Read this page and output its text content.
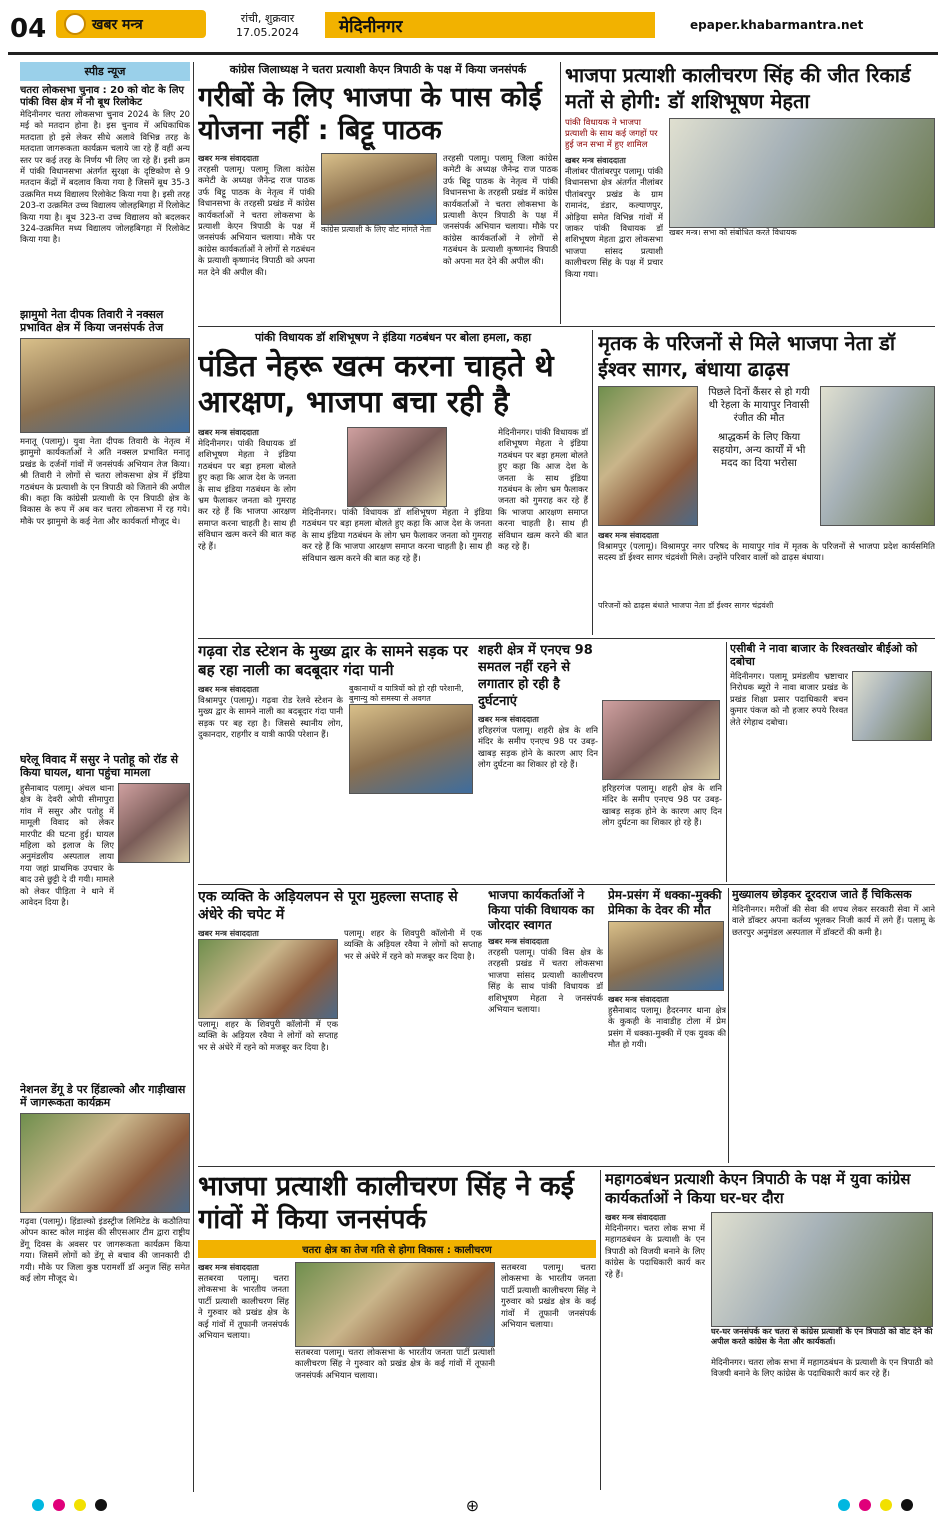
04	खबर मन्त्र	रांची, शुक्रवार
17.05.2024	मेदिनीनगर	epaper.khabarmantra.net
स्पीड न्यूज

चतरा लोकसभा चुनाव : 20 को वोट के लिए पांकी विस क्षेत्र में नौ बूथ रिलोकेट

मेदिनीनगर चतरा लोकसभा चुनाव 2024 के लिए 20 मई को मतदान होना है। इस चुनाव में अधिकाधिक मतदाता हो इसे लेकर सीधे अलावे विभिन्न तरह के मतदाता जागरूकता कार्यक्रम चलाये जा रहे हैं वहीं अन्य स्तर पर कई तरह के निर्णय भी लिए जा रहे हैं। इसी क्रम में पांकी विधानसभा अंतर्गत सुरक्षा के दृष्टिकोण से 9 मतदान केंद्रों में बदलाव किया गया है जिसमें बूथ 35-3 उत्क्रमित मध्य विद्यालय रिलोकेट किया गया है। इसी तरह 203-रा उत्क्रमित उच्च विद्यालय जोलहबिगहा में रिलोकेट किया गया है। बूथ 323-रा उच्च विद्यालय को बदलकर 324-उत्क्रमित मध्य विद्यालय जोलहबिगहा में रिलोकेट किया गया है।

झामुमो नेता दीपक तिवारी ने नक्सल प्रभावित क्षेत्र में किया जनसंपर्क तेज

मनातू (पलामू)। युवा नेता दीपक तिवारी के नेतृत्व में झामुमो कार्यकर्ताओं ने अति नक्सल प्रभावित मनातू प्रखंड के दर्जनों गांवों में जनसंपर्क अभियान तेज किया। श्री तिवारी ने लोगों से चतरा लोकसभा क्षेत्र में इंडिया गठबंधन के प्रत्याशी के एन त्रिपाठी को जिताने की अपील की। कहा कि कांग्रेसी प्रत्याशी के एन त्रिपाठी क्षेत्र के विकास के रूप में अब कर चतरा लोकसभा में रह गये। मौके पर झामुमो के कई नेता और कार्यकर्ता मौजूद थे।

घरेलू विवाद में ससुर ने पतोहू को रॉड से किया घायल, थाना पहुंचा मामला

हुसैनाबाद पलामू। अंचल थाना क्षेत्र के देवरी ओपी सीमापुरा गांव में ससुर और पतोहू में मामूली विवाद को लेकर मारपीट की घटना हुई। घायल महिला को इलाज के लिए अनुमंडलीय अस्पताल लाया गया जहां प्राथमिक उपचार के बाद उसे छुट्टी दे दी गयी। मामले को लेकर पीड़िता ने थाने में आवेदन दिया है।

नेशनल डेंगू डे पर हिंडाल्को और गाड़ीखास में जागरूकता कार्यक्रम

गढ़वा (पलामू)। हिंडाल्को इंडस्ट्रीज लिमिटेड के कठौतिया ओपन कास्ट कोल माइंस की सीएसआर टीम द्वारा राष्ट्रीय डेंगू दिवस के अवसर पर जागरूकता कार्यक्रम किया गया। जिसमें लोगों को डेंगू से बचाव की जानकारी दी गयी। मौके पर जिला कुष्ठ परामर्शी डॉ अनुज सिंह समेत कई लोग मौजूद थे।

कांग्रेस जिलाध्यक्ष ने चतरा प्रत्याशी केएन त्रिपाठी के पक्ष में किया जनसंपर्क

गरीबों के लिए भाजपा के पास कोई योजना नहीं : बिट्टू पाठक

खबर मन्त्र संवाददाता

तरहसी पलामू। पलामू जिला कांग्रेस कमेटी के अध्यक्ष जैनेन्द्र राज पाठक उर्फ बिट्टू पाठक के नेतृत्व में पांकी विधानसभा के तरहसी प्रखंड में कांग्रेस कार्यकर्ताओं ने चतरा लोकसभा के प्रत्याशी केएन त्रिपाठी के पक्ष में जनसंपर्क अभियान चलाया। मौके पर कांग्रेस कार्यकर्ताओं ने लोगों से गठबंधन के प्रत्याशी कृष्णानंद त्रिपाठी को अपना मत देने की अपील की।

कांग्रेस प्रत्याशी के लिए वोट मांगते नेता

तरहसी पलामू। पलामू जिला कांग्रेस कमेटी के अध्यक्ष जैनेन्द्र राज पाठक उर्फ बिट्टू पाठक के नेतृत्व में पांकी विधानसभा के तरहसी प्रखंड में कांग्रेस कार्यकर्ताओं ने चतरा लोकसभा के प्रत्याशी केएन त्रिपाठी के पक्ष में जनसंपर्क अभियान चलाया। मौके पर कांग्रेस कार्यकर्ताओं ने लोगों से गठबंधन के प्रत्याशी कृष्णानंद त्रिपाठी को अपना मत देने की अपील की।

भाजपा प्रत्याशी कालीचरण सिंह की जीत रिकार्ड मतों से होगी: डॉ शशिभूषण मेहता

पांकी विधायक ने भाजपा प्रत्याशी के साथ कई जगहों पर हुई जन सभा में हुए शामिल
खबर मन्त्र संवाददाता

नीलांबर पीतांबरपुर पलामू। पांकी विधानसभा क्षेत्र अंतर्गत नीलांबर पीतांबरपुर प्रखंड के ग्राम रामानंद, डंडार, कल्याणपुर, ओड़िया समेत विभिन्न गांवों में जाकर पांकी विधायक डॉ शशिभूषण मेहता द्वारा लोकसभा भाजपा सांसद प्रत्याशी कालीचरण सिंह के पक्ष में प्रचार किया गया।

खबर मन्त्र। सभा को संबोधित करते विधायक
पांकी विधायक डॉ शशिभूषण ने इंडिया गठबंधन पर बोला हमला, कहा

पंडित नेहरू खत्म करना चाहते थे आरक्षण, भाजपा बचा रही है

खबर मन्त्र संवाददाता

मेदिनीनगर। पांकी विधायक डॉ शशिभूषण मेहता ने इंडिया गठबंधन पर बड़ा हमला बोलते हुए कहा कि आज देश के जनता के साथ इंडिया गठबंधन के लोग भ्रम फैलाकर जनता को गुमराह कर रहे हैं कि भाजपा आरक्षण समाप्त करना चाहती है। साथ ही संविधान खत्म करने की बात कह रहे हैं।

मेदिनीनगर। पांकी विधायक डॉ शशिभूषण मेहता ने इंडिया गठबंधन पर बड़ा हमला बोलते हुए कहा कि आज देश के जनता के साथ इंडिया गठबंधन के लोग भ्रम फैलाकर जनता को गुमराह कर रहे हैं कि भाजपा आरक्षण समाप्त करना चाहती है। साथ ही संविधान खत्म करने की बात कह रहे हैं।

मेदिनीनगर। पांकी विधायक डॉ शशिभूषण मेहता ने इंडिया गठबंधन पर बड़ा हमला बोलते हुए कहा कि आज देश के जनता के साथ इंडिया गठबंधन के लोग भ्रम फैलाकर जनता को गुमराह कर रहे हैं कि भाजपा आरक्षण समाप्त करना चाहती है। साथ ही संविधान खत्म करने की बात कह रहे हैं।

मृतक के परिजनों से मिले भाजपा नेता डॉ ईश्वर सागर, बंधाया ढाढ़स

पिछले दिनों कैंसर से हो गयी थी रेहला के मायापुर निवासी रंजीत की मौत
श्राद्धकर्म के लिए किया सहयोग, अन्य कार्यों में भी मदद का दिया भरोसा
खबर मन्त्र संवाददाता

विश्रामपुर (पलामू)। विश्रामपुर नगर परिषद के मायापुर गांव में मृतक के परिजनों से भाजपा प्रदेश कार्यसमिति सदस्य डॉ ईश्वर सागर चंद्रवंशी मिले। उन्होंने परिवार वालों को ढाढ़स बंधाया।

परिजनों को ढाढ़स बंधाते भाजपा नेता डॉ ईश्वर सागर चंद्रवंशी

गढ़वा रोड स्टेशन के मुख्य द्वार के सामने सड़क पर बह रहा नाली का बदबूदार गंदा पानी

खबर मन्त्र संवाददाता

विश्रामपुर (पलामू)। गढ़वा रोड रेलवे स्टेशन के मुख्य द्वार के सामने नाली का बदबूदार गंदा पानी सड़क पर बह रहा है। जिससे स्थानीय लोग, दुकानदार, राहगीर व यात्री काफी परेशान हैं।

बुकानाथों व यात्रियों को हो रही परेशानी, बुमान्यु को समस्या से अवगत

शहरी क्षेत्र में एनएच 98 समतल नहीं रहने से लगातार हो रही है दुर्घटनाएं

खबर मन्त्र संवाददाता

हरिहरगंज पलामू। शहरी क्षेत्र के शनि मंदिर के समीप एनएच 98 पर उबड़-खाबड़ सड़क होने के कारण आए दिन लोग दुर्घटना का शिकार हो रहे हैं।

हरिहरगंज पलामू। शहरी क्षेत्र के शनि मंदिर के समीप एनएच 98 पर उबड़-खाबड़ सड़क होने के कारण आए दिन लोग दुर्घटना का शिकार हो रहे हैं।

एसीबी ने नावा बाजार के रिश्वतखोर बीईओ को दबोचा

मेदिनीनगर। पलामू प्रमंडलीय भ्रष्टाचार निरोधक ब्यूरो ने नावा बाजार प्रखंड के प्रखंड शिक्षा प्रसार पदाधिकारी बचन कुमार पंकज को नौ हजार रुपये रिश्वत लेते रंगेहाथ दबोचा।

एक व्यक्ति के अड़ियलपन से पूरा मुहल्ला सप्ताह से अंधेरे की चपेट में

खबर मन्त्र संवाददाता

पलामू। शहर के शिवपुरी कॉलोनी में एक व्यक्ति के अड़ियल रवैया ने लोगों को सप्ताह भर से अंधेरे में रहने को मजबूर कर दिया है।

पलामू। शहर के शिवपुरी कॉलोनी में एक व्यक्ति के अड़ियल रवैया ने लोगों को सप्ताह भर से अंधेरे में रहने को मजबूर कर दिया है।

भाजपा कार्यकर्ताओं ने किया पांकी विधायक का जोरदार स्वागत

खबर मन्त्र संवाददाता

तरहसी पलामू। पांकी विस क्षेत्र के तरहसी प्रखंड में चतरा लोकसभा भाजपा सांसद प्रत्याशी कालीचरण सिंह के साथ पांकी विधायक डॉ शशिभूषण मेहता ने जनसंपर्क अभियान चलाया।

प्रेम-प्रसंग में धक्का-मुक्की प्रेमिका के देवर की मौत

खबर मन्त्र संवाददाता

हुसैनाबाद पलामू। हैदरनगर थाना क्षेत्र के कुकही के नावाडीह टोला में प्रेम प्रसंग में धक्का-मुक्की में एक युवक की मौत हो गयी।

मुख्यालय छोड़कर दूरदराज जाते हैं चिकित्सक

मेदिनीनगर। मरीजों की सेवा की शपथ लेकर सरकारी सेवा में आने वाले डॉक्टर अपना कर्तव्य भूलकर निजी कार्य में लगे हैं। पलामू के छतरपुर अनुमंडल अस्पताल में डॉक्टरों की कमी है।

भाजपा प्रत्याशी कालीचरण सिंह ने कई गांवों में किया जनसंपर्क

चतरा क्षेत्र का तेज गति से होगा विकास : कालीचरण
खबर मन्त्र संवाददाता

सतबरवा पलामू। चतरा लोकसभा के भारतीय जनता पार्टी प्रत्याशी कालीचरण सिंह ने गुरुवार को प्रखंड क्षेत्र के कई गांवों में तूफानी जनसंपर्क अभियान चलाया।

सतबरवा पलामू। चतरा लोकसभा के भारतीय जनता पार्टी प्रत्याशी कालीचरण सिंह ने गुरुवार को प्रखंड क्षेत्र के कई गांवों में तूफानी जनसंपर्क अभियान चलाया।

सतबरवा पलामू। चतरा लोकसभा के भारतीय जनता पार्टी प्रत्याशी कालीचरण सिंह ने गुरुवार को प्रखंड क्षेत्र के कई गांवों में तूफानी जनसंपर्क अभियान चलाया।

महागठबंधन प्रत्याशी केएन त्रिपाठी के पक्ष में युवा कांग्रेस कार्यकर्ताओं ने किया घर-घर दौरा

खबर मन्त्र संवाददाता

मेदिनीनगर। चतरा लोक सभा में महागठबंधन के प्रत्याशी के एन त्रिपाठी को विजयी बनाने के लिए कांग्रेस के पदाधिकारी कार्य कर रहे हैं।

घर-घर जनसंपर्क कर चतरा से कांग्रेस प्रत्याशी के एन त्रिपाठी को वोट देने की अपील करते कांग्रेस के नेता और कार्यकर्ता।

मेदिनीनगर। चतरा लोक सभा में महागठबंधन के प्रत्याशी के एन त्रिपाठी को विजयी बनाने के लिए कांग्रेस के पदाधिकारी कार्य कर रहे हैं।

⊕
